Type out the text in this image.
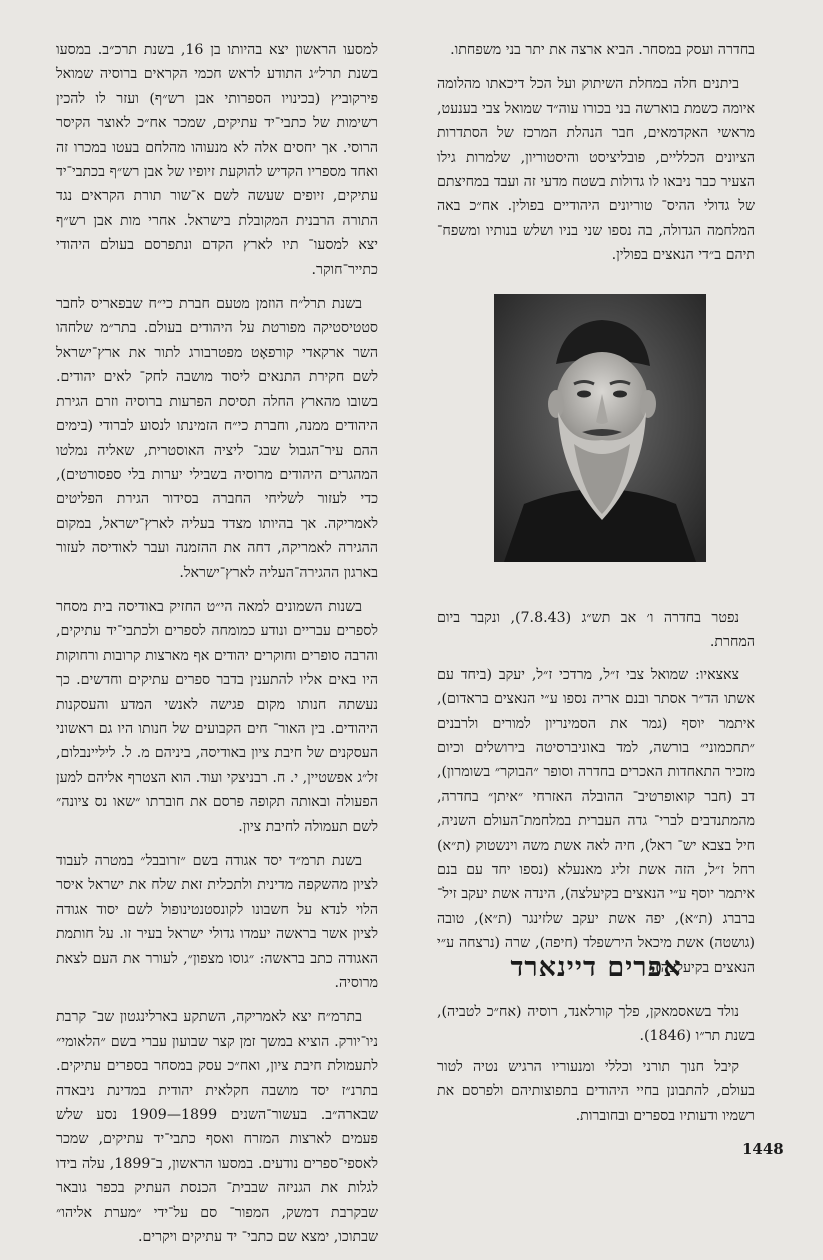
בחדרה ועסק במסחר. הביא ארצה את יתר בני משפחתו.

ביתנים חלה במחלת השיתוק ועל הכל דיכאתו מהלומה איומה כשמת בוארשה בני בכורו עוה״ד שמואל צבי בענעט, מראשי האקדמאים, חבר הנהלת המרכז של הסתדרות הציונים הכלליים, פובליציסט והיסטוריון, שלמרות גילו הצעיר כבר ניבאו לו גדולות בשטח מדעי זה ועבד במחיצתם של גדולי ההיס־ טוריונים היהודיים בפולין. אח״כ באה המלחמה הגדולה, בה נספו שני בניו ושלש בנותיו ומשפח־ תיהם ב״די הנאצים בפולין.

נפטר בחדרה ו׳ אב תש״ג (7.8.43), ונקבר ביום המחרת.

צאצאיו: שמואל צבי ז״ל, מרדכי ז״ל, יעקב (ביחד עם אשתו הד״ר אסתר ובנם אריה נספו ע״י הנאצים בראדום), איתמר יוסף (גמר את הסמינריון למורים ולרבנים ״תחכמוני״ בורשה, למד באוניברסיטה בירושלים וכיום מזכיר התאחדות האכרים בחדרה וסופר ״הבוקר״ בשומרון), דב (חבר קואופרטיב־ ההובלה האזרחי ״איתן״ בחדרה, מהמתנדבים לברי־ גדה העברית במלחמת־העולם השניה, חיל בצבא יש־ ראל), חיה לאה אשת משה וינשטוק (ת״א) רחל ז״ל, הזה אשת זליג מאנעלא (נספו יחד עם בנם איתמר יוסף ע״י הנאצים בקיעלצה), הינדה אשת יעקב זיל־ ברברג (ת״א), יפה אשת יעקב שלזינגר (ת״א), טובה (גושטה) אשת מיכאל הירשפלד (חיפה), שרה (נרצחה ע״י הנאצים בקיעלצה).

אפרים דיינארד

נולד בשאסמאקן, פלך קורלאנד, רוסיה (אח״כ לטביה), בשנת תר״ו (1846).

קיבל חנוך תורני וכללי ומנעוריו הרגיש נטיה לטור בעולם, להתבונן בחיי היהודים בתפוצותיהם ולפרסם את רשמיו ודעותיו בספרים ובחוברות.

למסעו הראשון יצא בהיותו בן 16, בשנת תרכ״ב. במסעו בשנת תרל״ג התודע לראש חכמי הקראים ברוסיה שמואל פירקוביץ (בכינויו הספרותי אבן רש״ף) ועזר לו להכין רשימות של כתבי־יד עתיקים, שמכר אח״כ לאוצר הקיסר הרוסי. אך יחסים אלה לא מנעוהו מהלחם בעטו במכרו זה ואחד מספריו הקדיש להוקעת זיופיו של אבן רש״ף בכתבי־יד עתיקים, זיופים שעשה לשם א־שור תורת הקראים נגד התורה הרבנית המקובלת בישראל. אחרי מות אבן רש״ף יצא למסעו־ תיו לארץ הקדם ונתפרסם בעולם היהודי כתייר־חוקר.

בשנת תרל״ח הוזמן מטעם חברת כי״ח שבפאריס לחבר סטטיסטיקה מפורטת על היהודים בעולם. בתר״מ שלחהו השר ארקאדי קורפאָט מפטרבורג לתור את ארץ־ישראל לשם חקירת התנאים ליסוד מושבה לחק־ לאים יהודים. בשובו מהארץ החלה תסיסת הפרעות ברוסיה וזרם הגירת היהודים ממנה, וחברת כי״ח הזמינתו לנסוע לברודי (בימים ההם עיר־הגבול שבג־ ליציה האוסטרית, שאליה נמלטו המהגרים היהודים מרוסיה בשבילי יערות בלי ספסורטים), כדי לעזור לשליחי החברה בסידור הגירת הפליטים לאמריקה. אך בהיותו מצדד בעליה לארץ־ישראל, במקום ההגירה לאמריקה, דחה את ההזמנה ועבר לאודיסה לעזור בארגון ההגירה־העליה לארץ־ישראל.

בשנות השמונים למאה הי״ט החזיק באודיסה בית מסחר לספרים עבריים ונודע כמומחה לספרים ולכתבי־יד עתיקים, והרבה סופרים וחוקרים יהודים אף מארצות קרובות ורחוקות היו באים אליו להתענין בדבר ספרים עתיקים וחדשים. כך נעשתה חנותו מקום פגישה לאנשי המדע והעסקנות היהודים. בין האור־ חים הקבועים של חנותו היו גם ראשוני העסקנים של חיבת ציון באודיסה, ביניהם מ. ל. ליליינבלום, זל״ג אפשטיין, י. ח. רבניצקי ועוד. הוא הצטרף אליהם למען הפעולה ובאותה תקופה פרסם את חוברתו ״שאו נס ציונה״ לשם תעמולה לחיבת ציון.

בשנת תרמ״ד יסד אגודה בשם ״זרובבל״ במטרה לעבוד לציון מהשקפה מדינית ולתכלית זאת שלח את ישראל איסר הלוי לנדא על חשבונו לקונסטנטינופול לשם יסוד אגודה לציון אשר בראשה יעמדו גדולי ישראל בעיר זו. על חותמת האגודה כתב בראשה: ״גוסו מצפון״, לעורר את העם לצאת מרוסיה.

בתרמ״ח יצא לאמריקה, השתקע בארלינגטון שב־ קרבת ניו־יורק. הוציא במשך זמן קצר שבועון עברי בשם ״הלאומי״ לתעמולת חיבת ציון, ואח״כ עסק במסחר בספרים עתיקים. בתרנ״ז יסד מושבה חקלאית יהודית במדינת ניבאדה שבארה״ב. בעשור־השנים 1899—1909 נסע שלש פעמים לארצות המזרח ואסף כתבי־יד עתיקים, שמכר לאספי־ספרים נודעים. במסעו הראשון, ב־1899, עלה בידו לגלות את הגניזה שבבית־ הכנסת העתיק בכפר גובאר שבקרבת דמשק, המפור־ סם על־ידי ״מערת אליהו״ שבתוכו, ימצא שם כתבי־ יד עתיקים ויקרים.

1448
